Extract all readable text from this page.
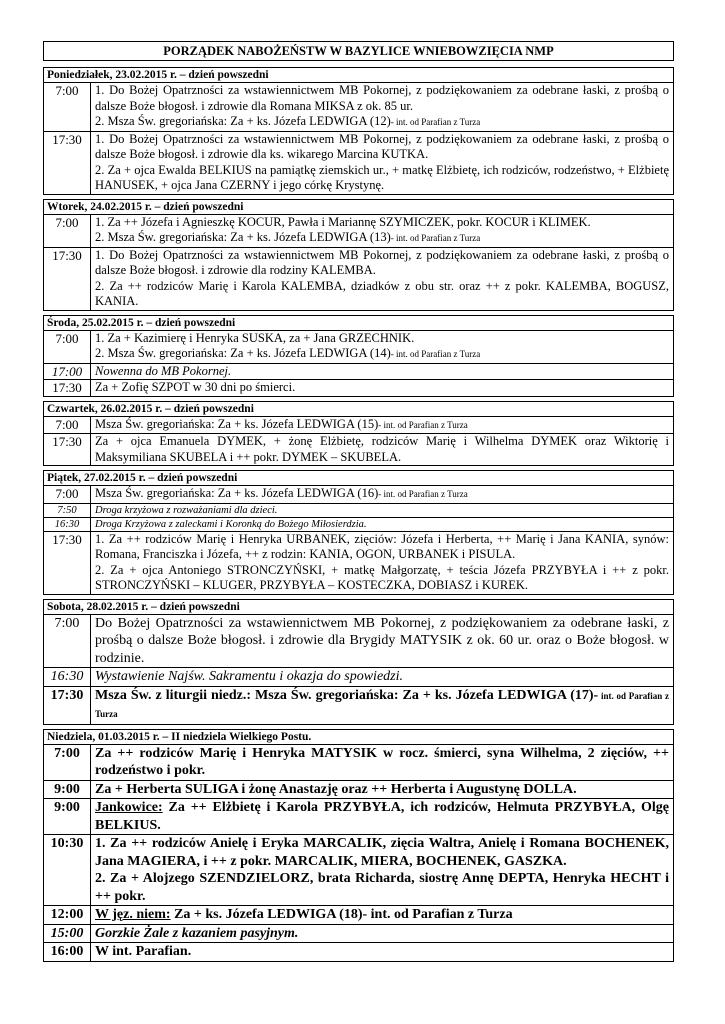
PORZĄDEK NABOŻEŃSTW W BAZYLICE WNIEBOWZIĘCIA NMP
Poniedziałek, 23.02.2015 r. – dzień powszedni
7:00	1. Do Bożej Opatrzności za wstawiennictwem MB Pokornej, z podziękowaniem za odebrane łaski, z prośbą o dalsze Boże błogosł. i zdrowie dla Romana MIKSA z ok. 85 ur.
2. Msza Św. gregoriańska: Za + ks. Józefa LEDWIGA (12)- int. od Parafian z Turza
17:30	1. Do Bożej Opatrzności za wstawiennictwem MB Pokornej, z podziękowaniem za odebrane łaski, z prośbą o dalsze Boże błogosł. i zdrowie dla ks. wikarego Marcina KUTKA.
2. Za + ojca Ewalda BELKIUS na pamiątkę ziemskich ur., + matkę Elżbietę, ich rodziców, rodzeństwo, + Elżbietę HANUSEK, + ojca Jana CZERNY i jego córkę Krystynę.
Wtorek, 24.02.2015 r. – dzień powszedni
7:00	1. Za ++ Józefa i Agnieszkę KOCUR, Pawła i Mariannę SZYMICZEK, pokr. KOCUR i KLIMEK.
2. Msza Św. gregoriańska: Za + ks. Józefa LEDWIGA (13)- int. od Parafian z Turza
17:30	1. Do Bożej Opatrzności za wstawiennictwem MB Pokornej, z podziękowaniem za odebrane łaski, z prośbą o dalsze Boże błogosł. i zdrowie dla rodziny KALEMBA.
2. Za ++ rodziców Marię i Karola KALEMBA, dziadków z obu str. oraz ++ z pokr. KALEMBA, BOGUSZ, KANIA.
Środa, 25.02.2015 r. – dzień powszedni
7:00	1. Za + Kazimierę i Henryka SUSKA, za + Jana GRZECHNIK.
2. Msza Św. gregoriańska: Za + ks. Józefa LEDWIGA (14)- int. od Parafian z Turza
17:00	Nowenna do MB Pokornej.
17:30	Za + Zofię SZPOT w 30 dni po śmierci.
Czwartek, 26.02.2015 r. – dzień powszedni
7:00	Msza Św. gregoriańska: Za + ks. Józefa LEDWIGA (15)- int. od Parafian z Turza
17:30	Za + ojca Emanuela DYMEK, + żonę Elżbietę, rodziców Marię i Wilhelma DYMEK oraz Wiktorię i Maksymiliana SKUBELA i ++ pokr. DYMEK – SKUBELA.
Piątek, 27.02.2015 r. – dzień powszedni
7:00	Msza Św. gregoriańska: Za + ks. Józefa LEDWIGA (16)- int. od Parafian z Turza
7:50	Droga krzyżowa z rozważaniami dla dzieci.
16:30	Droga Krzyżowa z zaleckami i Koronką do Bożego Miłosierdzia.
17:30	1. Za ++ rodziców Marię i Henryka URBANEK, zięciów: Józefa i Herberta, ++ Marię i Jana KANIA, synów: Romana, Franciszka i Józefa, ++ z rodzin: KANIA, OGON, URBANEK i PISULA.
2. Za + ojca Antoniego STRONCZYŃSKI, + matkę Małgorzatę, + teścia Józefa PRZYBYŁA i ++ z pokr. STRONCZYŃSKI – KLUGER, PRZYBYŁA – KOSTECZKA, DOBIASZ i KUREK.
Sobota, 28.02.2015 r. – dzień powszedni
7:00	Do Bożej Opatrzności za wstawiennictwem MB Pokornej, z podziękowaniem za odebrane łaski, z prośbą o dalsze Boże błogosł. i zdrowie dla Brygidy MATYSIK z ok. 60 ur. oraz o Boże błogosł. w rodzinie.
16:30 Wystawienie Najśw. Sakramentu i okazja do spowiedzi.
17:30 Msza Św. z liturgii niedz.: Msza Św. gregoriańska: Za + ks. Józefa LEDWIGA (17)- int. od Parafian z Turza
Niedziela, 01.03.2015 r. – II niedziela Wielkiego Postu.
7:00	Za ++ rodziców Marię i Henryka MATYSIK w rocz. śmierci, syna Wilhelma, 2 zięciów, ++ rodzeństwo i pokr.
9:00	Za + Herberta SULIGA i żonę Anastazję oraz ++ Herberta i Augustynę DOLLA.
9:00	Jankowice: Za ++ Elżbietę i Karola PRZYBYŁA, ich rodziców, Helmuta PRZYBYŁA, Olgę BELKIUS.
10:30 1. Za ++ rodziców Anielę i Eryka MARCALIK, zięcia Waltra, Anielę i Romana BOCHENEK, Jana MAGIERA, i ++ z pokr. MARCALIK, MIERA, BOCHENEK, GASZKA.
2. Za + Alojzego SZENDZIELORZ, brata Richarda, siostrę Annę DEPTA, Henryka HECHT i ++ pokr.
12:00 W jęz. niem: Za + ks. Józefa LEDWIGA (18)- int. od Parafian z Turza
15:00 Gorzkie Żale z kazaniem pasyjnym.
16:00 W int. Parafian.
